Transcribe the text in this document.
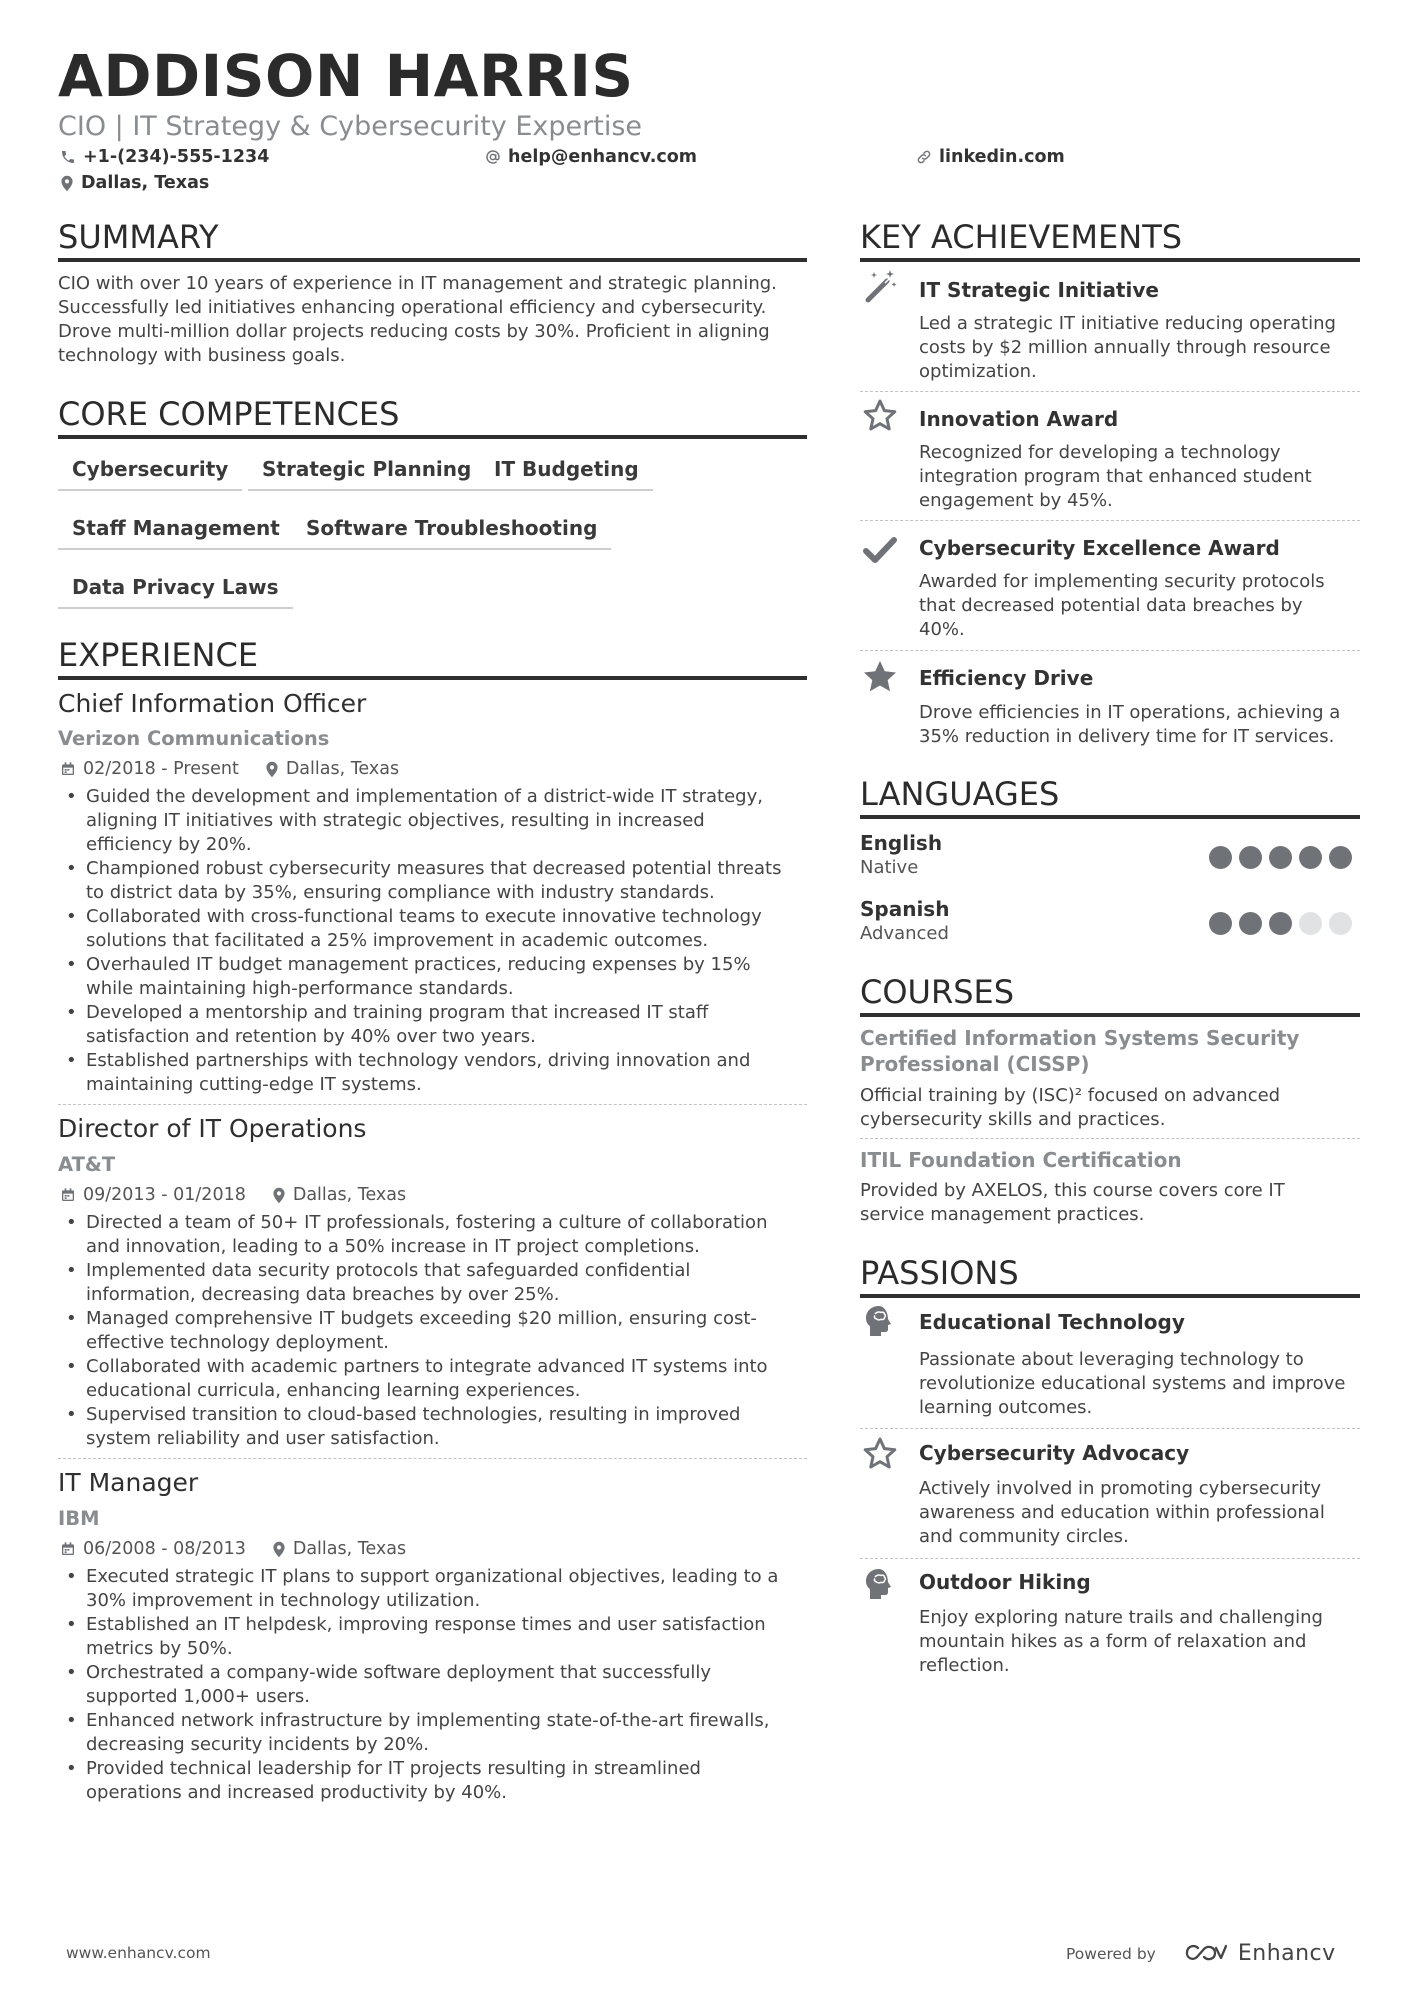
ADDISON HARRIS
CIO | IT Strategy & Cybersecurity Expertise
+1-(234)-555-1234	help@enhancv.com	linkedin.com
Dallas, Texas
SUMMARY
CIO with over 10 years of experience in IT management and strategic planning.
Successfully led initiatives enhancing operational efficiency and cybersecurity.
Drove multi-million dollar projects reducing costs by 30%. Proficient in aligning
technology with business goals.
CORE COMPETENCES
Cybersecurity	Strategic Planning	IT Budgeting
Staff Management	Software Troubleshooting
Data Privacy Laws
EXPERIENCE
Chief Information Officer
Verizon Communications
02/2018 - Present	Dallas, Texas
• Guided the development and implementation of a district-wide IT strategy,
aligning IT initiatives with strategic objectives, resulting in increased
efficiency by 20%.
• Championed robust cybersecurity measures that decreased potential threats
to district data by 35%, ensuring compliance with industry standards.
• Collaborated with cross-functional teams to execute innovative technology
solutions that facilitated a 25% improvement in academic outcomes.
• Overhauled IT budget management practices, reducing expenses by 15%
while maintaining high-performance standards.
• Developed a mentorship and training program that increased IT staff
satisfaction and retention by 40% over two years.
• Established partnerships with technology vendors, driving innovation and
maintaining cutting-edge IT systems.
Director of IT Operations
AT&T
09/2013 - 01/2018	Dallas, Texas
• Directed a team of 50+ IT professionals, fostering a culture of collaboration
and innovation, leading to a 50% increase in IT project completions.
• Implemented data security protocols that safeguarded confidential
information, decreasing data breaches by over 25%.
• Managed comprehensive IT budgets exceeding $20 million, ensuring cost-
effective technology deployment.
• Collaborated with academic partners to integrate advanced IT systems into
educational curricula, enhancing learning experiences.
• Supervised transition to cloud-based technologies, resulting in improved
system reliability and user satisfaction.
IT Manager
IBM
06/2008 - 08/2013	Dallas, Texas
• Executed strategic IT plans to support organizational objectives, leading to a
30% improvement in technology utilization.
• Established an IT helpdesk, improving response times and user satisfaction
metrics by 50%.
• Orchestrated a company-wide software deployment that successfully
supported 1,000+ users.
• Enhanced network infrastructure by implementing state-of-the-art firewalls,
decreasing security incidents by 20%.
• Provided technical leadership for IT projects resulting in streamlined
operations and increased productivity by 40%.
KEY ACHIEVEMENTS
IT Strategic Initiative
Led a strategic IT initiative reducing operating
costs by $2 million annually through resource
optimization.
Innovation Award
Recognized for developing a technology
integration program that enhanced student
engagement by 45%.
Cybersecurity Excellence Award
Awarded for implementing security protocols
that decreased potential data breaches by
40%.
Efficiency Drive
Drove efficiencies in IT operations, achieving a
35% reduction in delivery time for IT services.
LANGUAGES
English
Native
Spanish
Advanced
COURSES
Certified Information Systems Security
Professional (CISSP)
Official training by (ISC)² focused on advanced
cybersecurity skills and practices.
ITIL Foundation Certification
Provided by AXELOS, this course covers core IT
service management practices.
PASSIONS
Educational Technology
Passionate about leveraging technology to
revolutionize educational systems and improve
learning outcomes.
Cybersecurity Advocacy
Actively involved in promoting cybersecurity
awareness and education within professional
and community circles.
Outdoor Hiking
Enjoy exploring nature trails and challenging
mountain hikes as a form of relaxation and
reflection.
www.enhancv.com	Powered by	Enhancv
